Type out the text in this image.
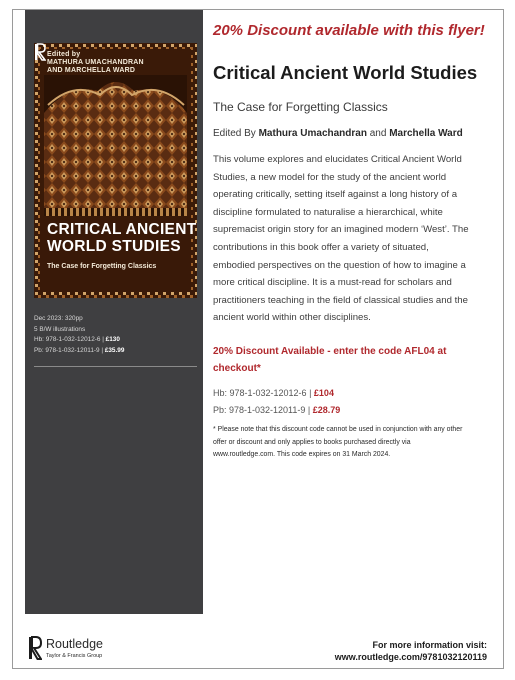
Edited by
MATHURA UMACHANDRAN
AND MARCHELLA WARD
CRITICAL ANCIENT
WORLD STUDIES
The Case for Forgetting Classics
Dec 2023: 320pp
5 B/W illustrations
Hb: 978-1-032-12012-6 | £130
Pb: 978-1-032-12011-9 | £35.99
20% Discount available with this flyer!
Critical Ancient World Studies
The Case for Forgetting Classics
Edited By Mathura Umachandran and Marchella Ward
This volume explores and elucidates Critical Ancient World
Studies, a new model for the study of the ancient world
operating critically, setting itself against a long history of a
discipline formulated to naturalise a hierarchical, white
supremacist origin story for an imagined modern ‘West’. The
contributions in this book offer a variety of situated,
embodied perspectives on the question of how to imagine a
more critical discipline. It is a must-read for scholars and
practitioners teaching in the field of classical studies and the
ancient world within other disciplines.
20% Discount Available - enter the code AFL04 at
checkout*
Hb: 978-1-032-12012-6 | £104
Pb: 978-1-032-12011-9 | £28.79
* Please note that this discount code cannot be used in conjunction with any other
offer or discount and only applies to books purchased directly via
www.routledge.com. This code expires on 31 March 2024.
Routledge
Taylor & Francis Group
For more information visit:
www.routledge.com/9781032120119
